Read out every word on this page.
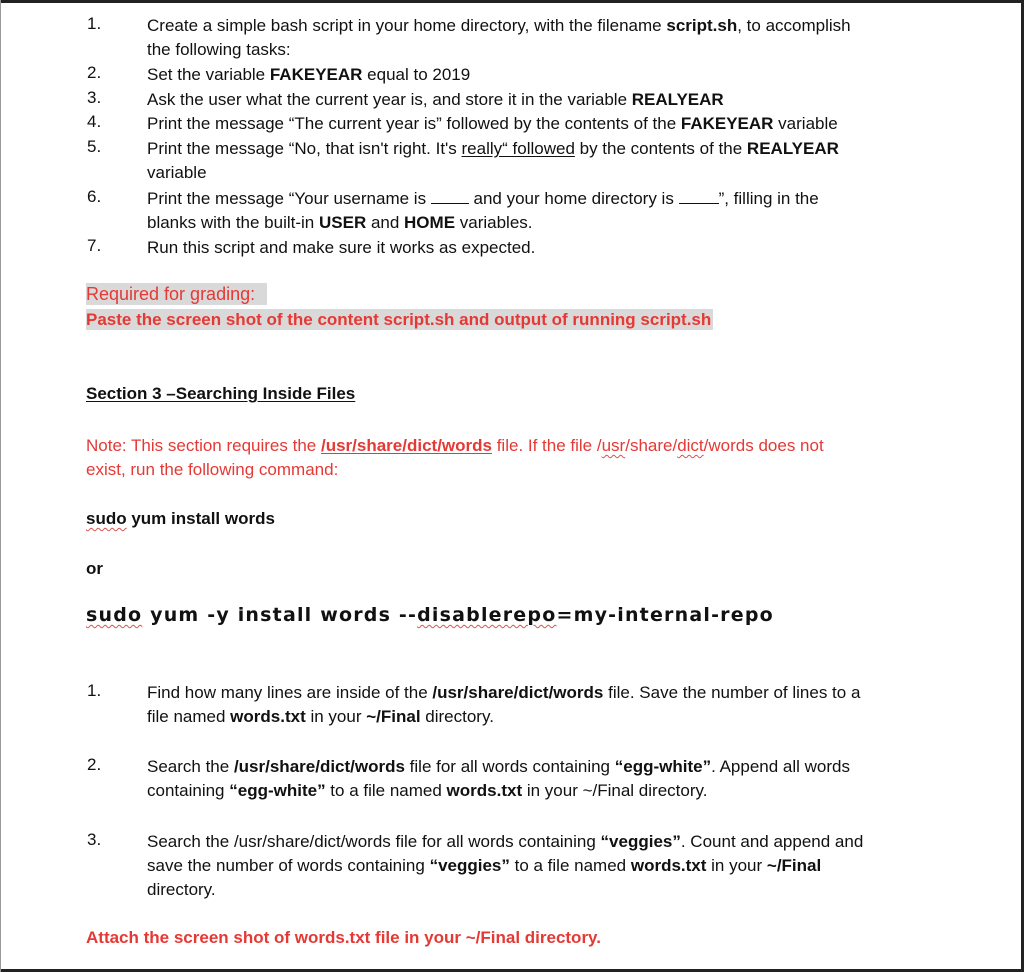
1.	Create a simple bash script in your home directory, with the filename script.sh, to accomplish
the following tasks:
2.	Set the variable FAKEYEAR equal to 2019
3.	Ask the user what the current year is, and store it in the variable REALYEAR
4.	Print the message “The current year is” followed by the contents of the FAKEYEAR variable
5.	Print the message “No, that isn't right. It's really“ followed by the contents of the REALYEAR
variable
6.	Print the message “Your username is  and your home directory is ”, filling in the
blanks with the built-in USER and HOME variables.
7.	Run this script and make sure it works as expected.
Required for grading:
Paste the screen shot of the content script.sh and output of running script.sh
Section 3 –Searching Inside Files
Note: This section requires the /usr/share/dict/words file. If the file /usr/share/dict/words does not
exist, run the following command:
sudo yum install words
or
sudo yum -y install words --disablerepo=my-internal-repo
1.	Find how many lines are inside of the /usr/share/dict/words file. Save the number of lines to a
file named words.txt in your ~/Final directory.
2.	Search the /usr/share/dict/words file for all words containing “egg-white”. Append all words
containing “egg-white” to a file named words.txt in your ~/Final directory.
3.	Search the /usr/share/dict/words file for all words containing “veggies”. Count and append and
save the number of words containing “veggies” to a file named words.txt in your ~/Final
directory.
Attach the screen shot of words.txt file in your ~/Final directory.
